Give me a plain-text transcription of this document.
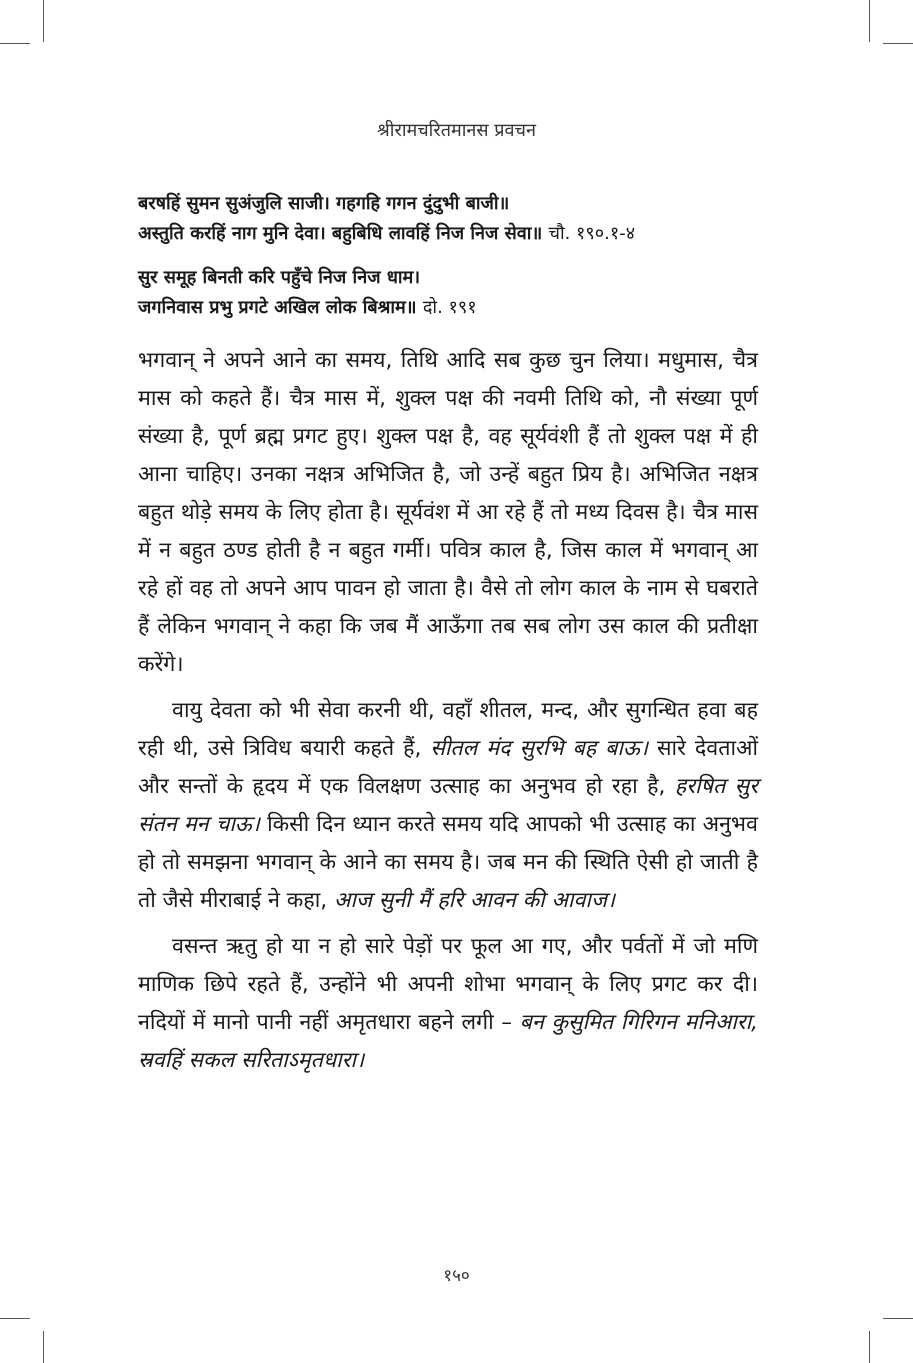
श्रीरामचरितमानस प्रवचन
बरषहिं सुमन सुअंजुलि साजी। गहगहि गगन दुंदुभी बाजी॥
अस्तुति करहिं नाग मुनि देवा। बहुबिधि लावहिं निज निज सेवा॥ चौ. १९०.१-४
सुर समूह बिनती करि पहुँचे निज निज धाम।
जगनिवास प्रभु प्रगटे अखिल लोक बिश्राम॥ दो. १९१

भगवान् ने अपने आने का समय, तिथि आदि सब कुछ चुन लिया। मधुमास, चैत्र मास को कहते हैं। चैत्र मास में, शुक्ल पक्ष की नवमी तिथि को, नौ संख्या पूर्ण संख्या है, पूर्ण ब्रह्म प्रगट हुए। शुक्ल पक्ष है, वह सूर्यवंशी हैं तो शुक्ल पक्ष में ही आना चाहिए। उनका नक्षत्र अभिजित है, जो उन्हें बहुत प्रिय है। अभिजित नक्षत्र बहुत थोड़े समय के लिए होता है। सूर्यवंश में आ रहे हैं तो मध्य दिवस है। चैत्र मास में न बहुत ठण्ड होती है न बहुत गर्मी। पवित्र काल है, जिस काल में भगवान् आ रहे हों वह तो अपने आप पावन हो जाता है। वैसे तो लोग काल के नाम से घबराते हैं लेकिन भगवान् ने कहा कि जब मैं आऊँगा तब सब लोग उस काल की प्रतीक्षा करेंगे।

वायु देवता को भी सेवा करनी थी, वहाँ शीतल, मन्द, और सुगन्धित हवा बह रही थी, उसे त्रिविध बयारी कहते हैं, सीतल मंद सुरभि बह बाऊ। सारे देवताओं और सन्तों के हृदय में एक विलक्षण उत्साह का अनुभव हो रहा है, हरषित सुर संतन मन चाऊ। किसी दिन ध्यान करते समय यदि आपको भी उत्साह का अनुभव हो तो समझना भगवान् के आने का समय है। जब मन की स्थिति ऐसी हो जाती है तो जैसे मीराबाई ने कहा, आज सुनी मैं हरि आवन की आवाज।

वसन्त ऋतु हो या न हो सारे पेड़ों पर फूल आ गए, और पर्वतों में जो मणि माणिक छिपे रहते हैं, उन्होंने भी अपनी शोभा भगवान् के लिए प्रगट कर दी। नदियों में मानो पानी नहीं अमृतधारा बहने लगी – बन कुसुमित गिरिगन मनिआरा, स्रवहिं सकल सरिताऽमृतधारा।

१५०
